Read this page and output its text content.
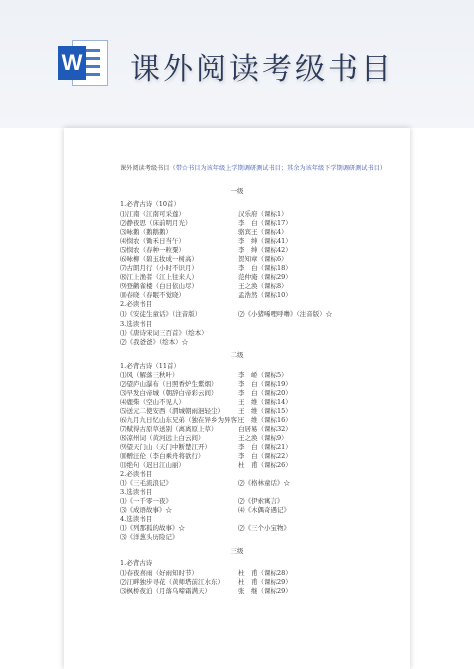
W 课外阅读考级书目
课外阅读考级书目（带☆书目为该年级上学期调研测试书目；其余为该年级下学期调研测试书目）
一级
1.必背古诗（10首）
⑴江南（江南可采莲）	汉乐府（课标1）
⑵静夜思（床前明月光）	李　白（课标17）
⑶咏鹅（鹅鹅鹅）	骆宾王（课标4）
⑷悯农（锄禾日当午）	李　绅（课标41）
⑸悯农（春种一粒粟）	李　绅（课标42）
⑹咏柳（碧玉妆成一树高）	贺知章（课标6）
⑺古朗月行（小时不识月）	李　白（课标18）
⑻江上渔者（江上往来人）	范仲淹（课标29）
⑼登鹳雀楼（白日依山尽）	王之涣（课标8）
⑽春晓（春眠不觉晓）	孟浩然（课标10）
2.必读书目
⑴《安徒生童话》（注音版）	⑵《小猪唏哩呼噜》（注音版）☆
3.选读书目
⑴《唐诗宋词三百首》（绘本）
⑵《我爸爸》（绘本）☆
二级
1.必背古诗（11首）
⑴风（解落三秋叶）	李　峤（课标5）
⑵望庐山瀑布（日照香炉生紫烟）	李　白（课标19）
⑶早发白帝城（朝辞白帝彩云间）	李　白（课标20）
⑷鹿柴（空山不见人）	王　维（课标14）
⑸送元二使安西（渭城朝雨浥轻尘） 王　维（课标15）
⑹九月九日忆山东兄弟（独在异乡为异客）
王　维（课标16）
⑺赋得古原草送别（离离原上草）	白居易（课标32）
⑻凉州词（黄河远上白云间）	王之涣（课标9）
⑼望天门山（天门中断楚江开）	李　白（课标21）
⑽赠汪伦（李白乘舟将欲行）	李　白（课标22）
⑾绝句（迟日江山丽）	杜　甫（课标26）
2.必读书目
⑴《三毛流浪记》	⑵《格林童话》☆
3.选读书目
⑴《一千零一夜》	⑵《伊索寓言》
⑶《成语故事》☆	⑷《木偶奇遇记》
4.选读书目
⑴《列那狐的故事》☆	⑵《三个小宝物》
⑶《洋葱头历险记》
三级
1.必背古诗
⑴春夜喜雨（好雨知时节）	杜　甫（课标28）
⑵江畔独步寻花（黄师塔前江水东） 杜　甫（课标29）
⑶枫桥夜泊（月落乌啼霜满天）	张　继（课标29）
